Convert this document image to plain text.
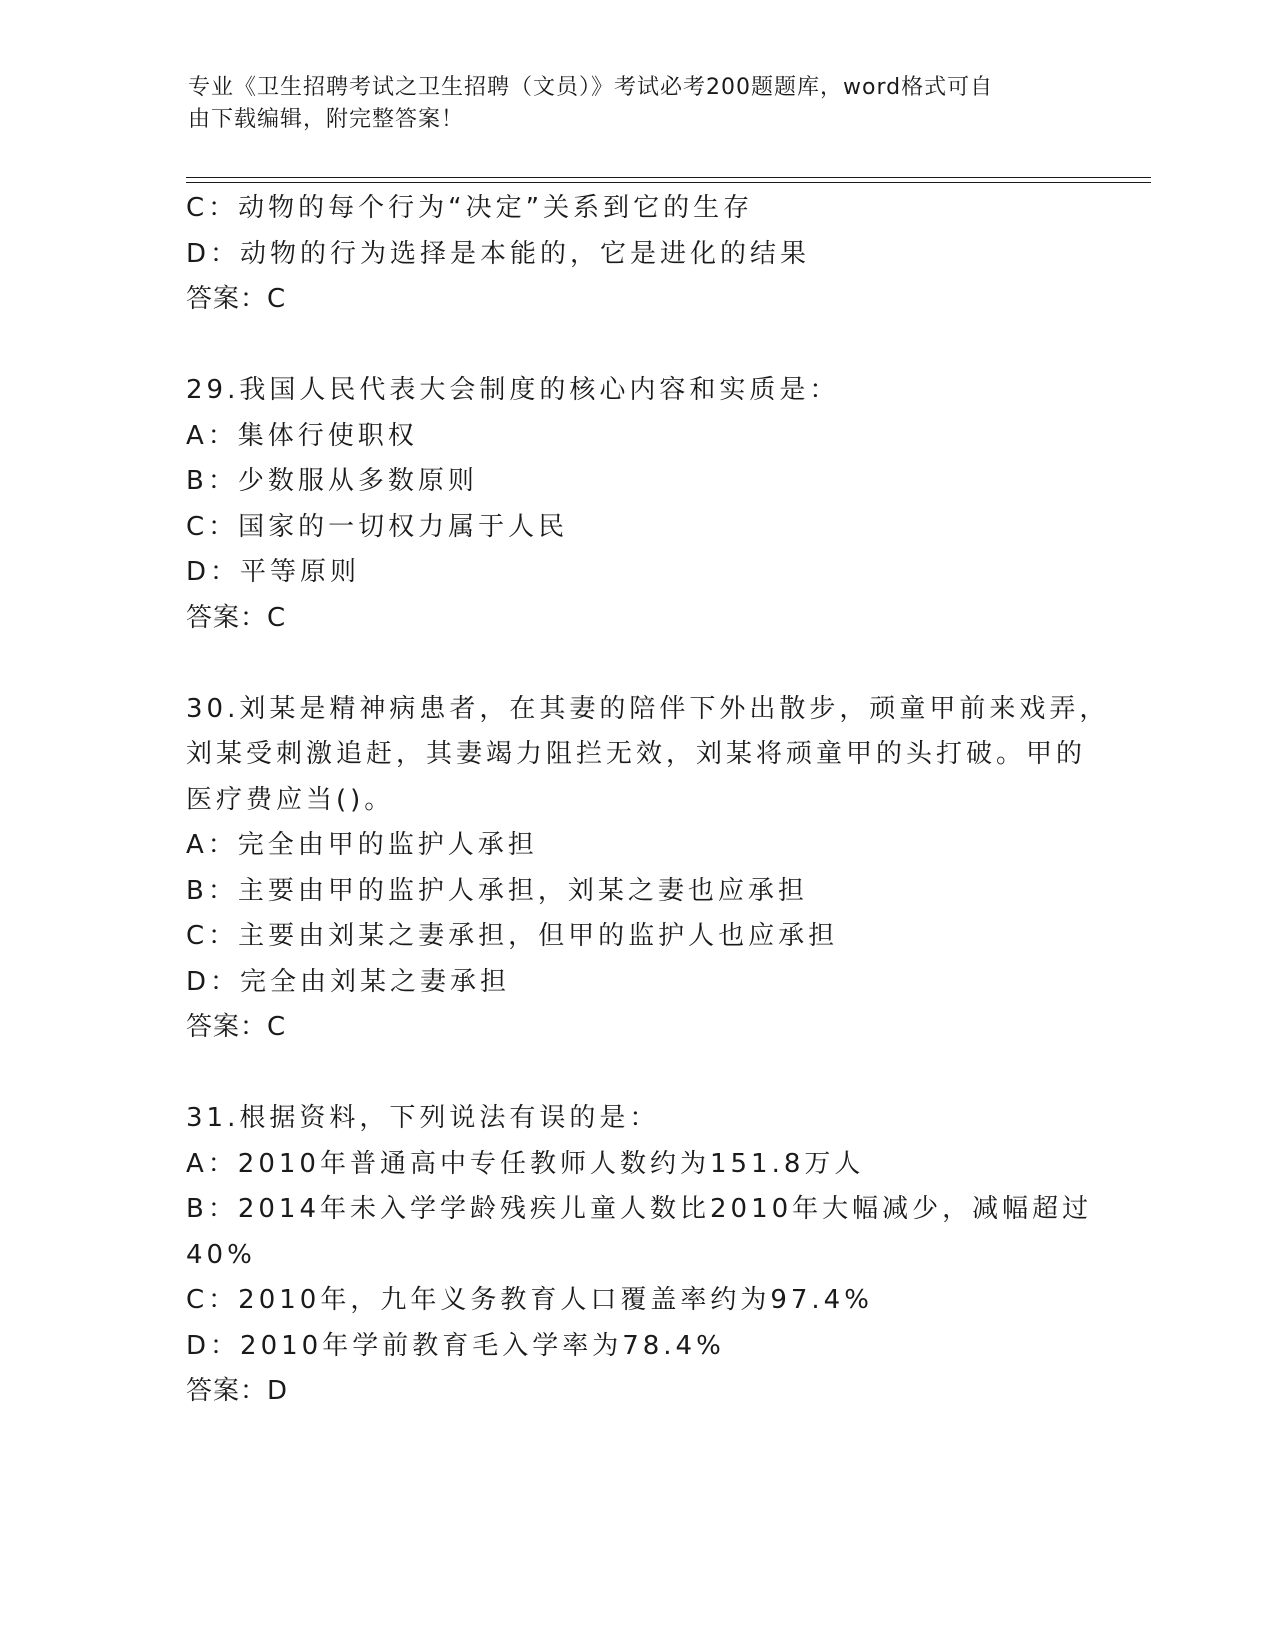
专业《卫生招聘考试之卫生招聘（文员）》考试必考200题题库，word格式可自
由下载编辑，附完整答案！
C：动物的每个行为“决定”关系到它的生存
D：动物的行为选择是本能的，它是进化的结果
答案：C
29.我国人民代表大会制度的核心内容和实质是：
A：集体行使职权
B：少数服从多数原则
C：国家的一切权力属于人民
D：平等原则
答案：C
30.刘某是精神病患者，在其妻的陪伴下外出散步，顽童甲前来戏弄，
刘某受刺激追赶，其妻竭力阻拦无效，刘某将顽童甲的头打破。甲的
医疗费应当()。
A：完全由甲的监护人承担
B：主要由甲的监护人承担，刘某之妻也应承担
C：主要由刘某之妻承担，但甲的监护人也应承担
D：完全由刘某之妻承担
答案：C
31.根据资料，下列说法有误的是：
A：2010年普通高中专任教师人数约为151.8万人
B：2014年未入学学龄残疾儿童人数比2010年大幅减少，减幅超过
40%
C：2010年，九年义务教育人口覆盖率约为97.4%
D：2010年学前教育毛入学率为78.4%
答案：D
